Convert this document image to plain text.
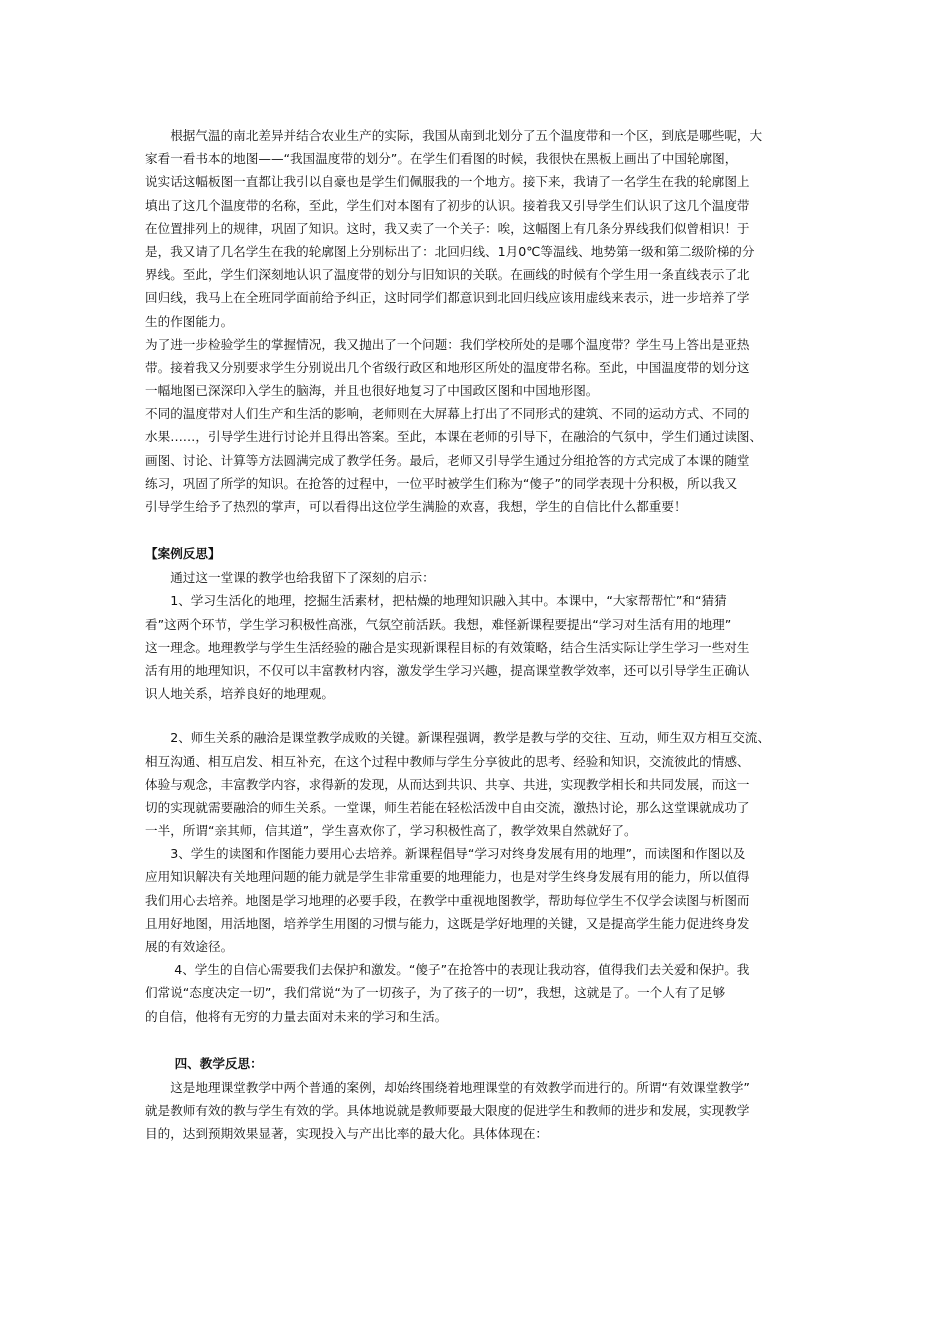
　　根据气温的南北差异并结合农业生产的实际，我国从南到北划分了五个温度带和一个区，到底是哪些呢，大
家看一看书本的地图——“我国温度带的划分”。在学生们看图的时候，我很快在黑板上画出了中国轮廓图，
说实话这幅板图一直都让我引以自豪也是学生们佩服我的一个地方。接下来，我请了一名学生在我的轮廓图上
填出了这几个温度带的名称，至此，学生们对本图有了初步的认识。接着我又引导学生们认识了这几个温度带
在位置排列上的规律，巩固了知识。这时，我又卖了一个关子：唉，这幅图上有几条分界线我们似曾相识！于
是，我又请了几名学生在我的轮廓图上分别标出了：北回归线、1月0℃等温线、地势第一级和第二级阶梯的分
界线。至此，学生们深刻地认识了温度带的划分与旧知识的关联。在画线的时候有个学生用一条直线表示了北
回归线，我马上在全班同学面前给予纠正，这时同学们都意识到北回归线应该用虚线来表示，进一步培养了学
生的作图能力。
为了进一步检验学生的掌握情况，我又抛出了一个问题：我们学校所处的是哪个温度带？学生马上答出是亚热
带。接着我又分别要求学生分别说出几个省级行政区和地形区所处的温度带名称。至此，中国温度带的划分这
一幅地图已深深印入学生的脑海，并且也很好地复习了中国政区图和中国地形图。
不同的温度带对人们生产和生活的影响，老师则在大屏幕上打出了不同形式的建筑、不同的运动方式、不同的
水果……，引导学生进行讨论并且得出答案。至此，本课在老师的引导下，在融洽的气氛中，学生们通过读图、
画图、讨论、计算等方法圆满完成了教学任务。最后，老师又引导学生通过分组抢答的方式完成了本课的随堂
练习，巩固了所学的知识。在抢答的过程中，一位平时被学生们称为“傻子”的同学表现十分积极，所以我又
引导学生给予了热烈的掌声，可以看得出这位学生满脸的欢喜，我想，学生的自信比什么都重要！
【案例反思】
　　通过这一堂课的教学也给我留下了深刻的启示：
　　1、学习生活化的地理，挖掘生活素材，把枯燥的地理知识融入其中。本课中，“大家帮帮忙”和“猜猜
看”这两个环节，学生学习积极性高涨，气氛空前活跃。我想，难怪新课程要提出“学习对生活有用的地理”
这一理念。地理教学与学生生活经验的融合是实现新课程目标的有效策略，结合生活实际让学生学习一些对生
活有用的地理知识，不仅可以丰富教材内容，激发学生学习兴趣，提高课堂教学效率，还可以引导学生正确认
识人地关系，培养良好的地理观。
　　2、师生关系的融洽是课堂教学成败的关键。新课程强调，教学是教与学的交往、互动，师生双方相互交流、
相互沟通、相互启发、相互补充，在这个过程中教师与学生分享彼此的思考、经验和知识，交流彼此的情感、
体验与观念，丰富教学内容，求得新的发现，从而达到共识、共享、共进，实现教学相长和共同发展，而这一
切的实现就需要融洽的师生关系。一堂课，师生若能在轻松活泼中自由交流，激热讨论，那么这堂课就成功了
一半，所谓“亲其师，信其道”，学生喜欢你了，学习积极性高了，教学效果自然就好了。
　　3、学生的读图和作图能力要用心去培养。新课程倡导“学习对终身发展有用的地理”，而读图和作图以及
应用知识解决有关地理问题的能力就是学生非常重要的地理能力，也是对学生终身发展有用的能力，所以值得
我们用心去培养。地图是学习地理的必要手段，在教学中重视地图教学，帮助每位学生不仅学会读图与析图而
且用好地图，用活地图，培养学生用图的习惯与能力，这既是学好地理的关键，又是提高学生能力促进终身发
展的有效途径。
　　 4、学生的自信心需要我们去保护和激发。“傻子”在抢答中的表现让我动容，值得我们去关爱和保护。我
们常说“态度决定一切”，我们常说“为了一切孩子，为了孩子的一切”，我想，这就是了。一个人有了足够
的自信，他将有无穷的力量去面对未来的学习和生活。
　　 四、教学反思：
　　这是地理课堂教学中两个普通的案例，却始终围绕着地理课堂的有效教学而进行的。所谓“有效课堂教学”
就是教师有效的教与学生有效的学。具体地说就是教师要最大限度的促进学生和教师的进步和发展，实现教学
目的，达到预期效果显著，实现投入与产出比率的最大化。具体体现在：
